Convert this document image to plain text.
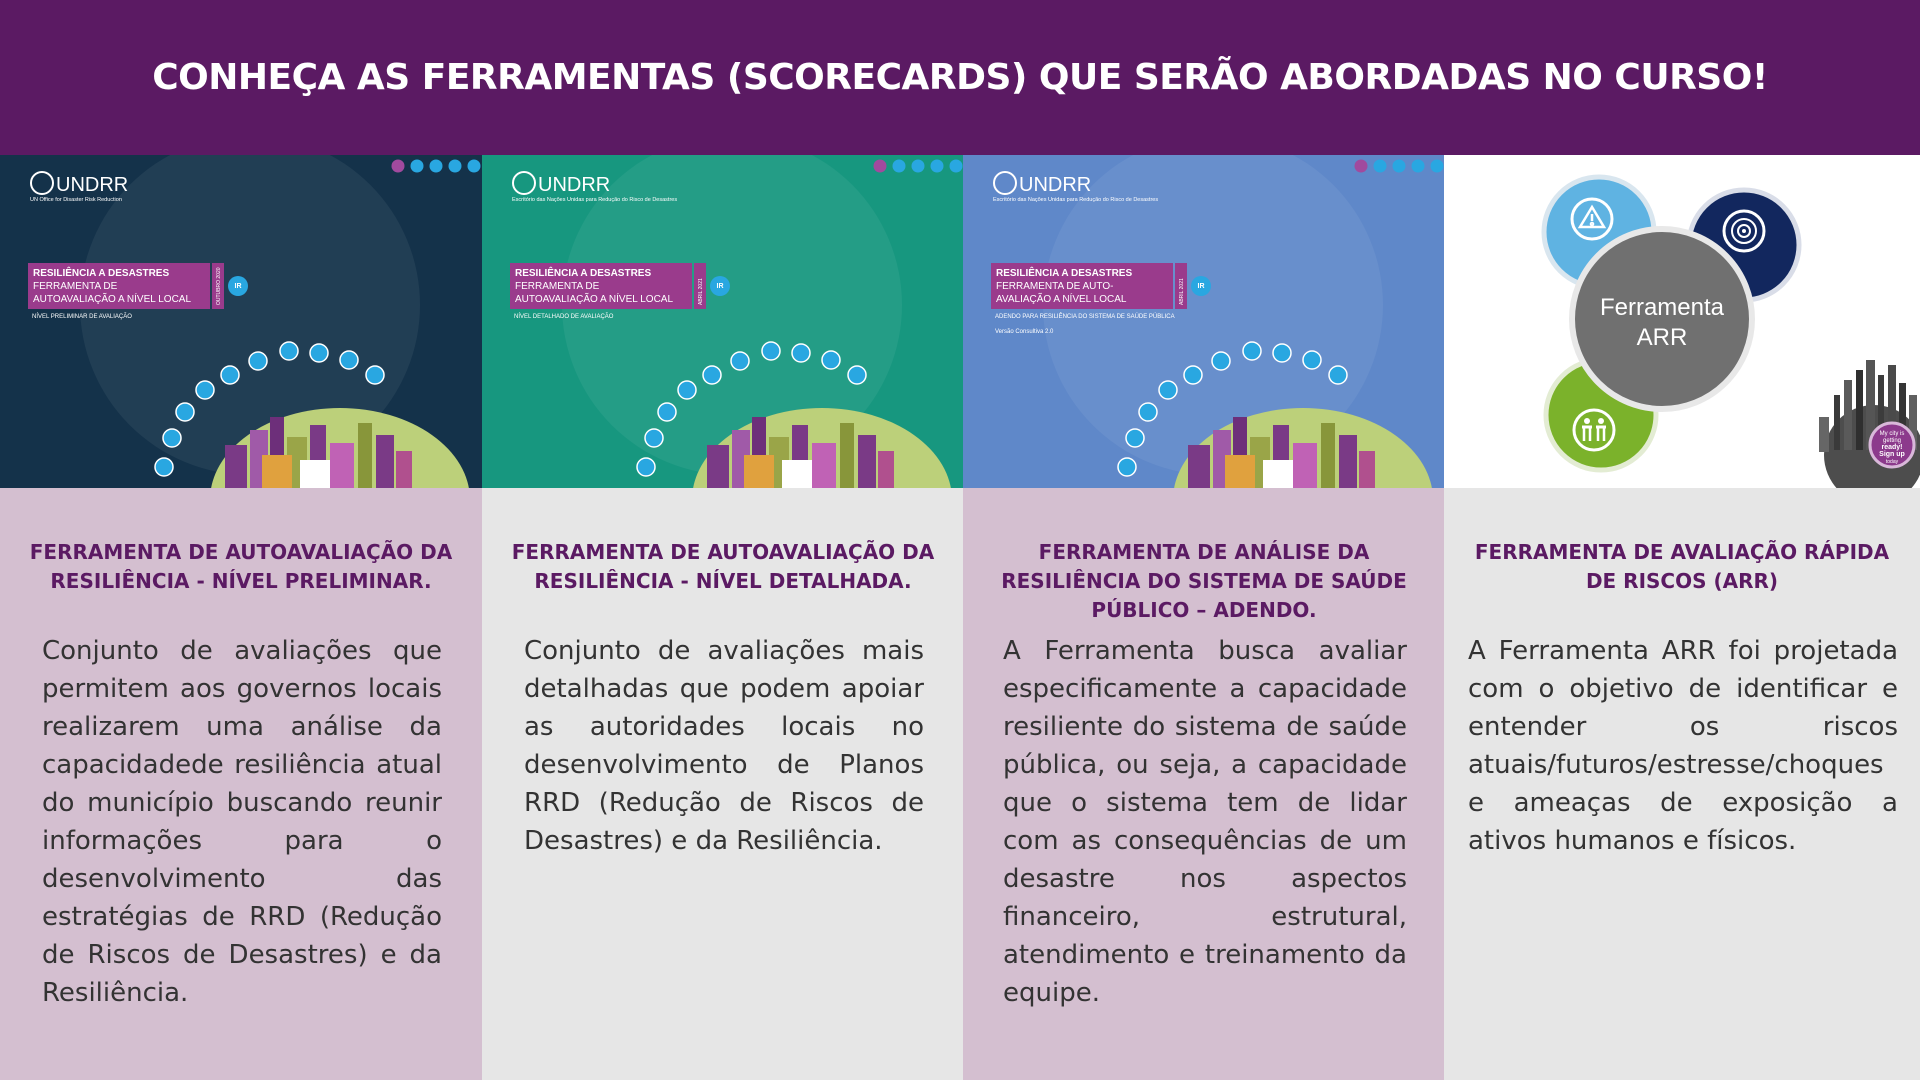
CONHEÇA AS FERRAMENTAS (SCORECARDS) QUE SERÃO ABORDADAS NO CURSO!
UNDRR
UN Office for Disaster Risk Reduction
RESILIÊNCIA A DESASTRES
FERRAMENTA DE
AUTOAVALIAÇÃO A NÍVEL LOCAL	OUTUBRO 2020 IR
NÍVEL PRELIMINAR DE AVALIAÇÃO
FERRAMENTA DE AUTOAVALIAÇÃO DA RESILIÊNCIA - NÍVEL PRELIMINAR.
Conjunto de avaliações que permitem aos governos locais realizarem uma análise da capacidadede resiliência atual do município buscando reunir informações para o desenvolvimento das estratégias de RRD (Redução de Riscos de Desastres) e da Resiliência.
UNDRR
Escritório das Nações Unidas para Redução do Risco de Desastres
RESILIÊNCIA A DESASTRES
FERRAMENTA DE
AUTOAVALIAÇÃO A NÍVEL LOCAL	ABRIL 2021 IR
NÍVEL DETALHADO DE AVALIAÇÃO
FERRAMENTA DE AUTOAVALIAÇÃO DA RESILIÊNCIA - NÍVEL DETALHADA.
Conjunto de avaliações mais detalhadas que podem apoiar as autoridades locais no desenvolvimento de Planos RRD (Redução de Riscos de Desastres) e da Resiliência.
UNDRR
Escritório das Nações Unidas para Redução do Risco de Desastres
RESILIÊNCIA A DESASTRES
FERRAMENTA DE AUTO-
AVALIAÇÃO A NÍVEL LOCAL	ABRIL 2021 IR
ADENDO PARA RESILIÊNCIA DO SISTEMA DE SAÚDE PÚBLICA
Versão Consultiva 2.0
FERRAMENTA DE ANÁLISE DA RESILIÊNCIA DO SISTEMA DE SAÚDE PÚBLICO – ADENDO.
A Ferramenta busca avaliar especificamente a capacidade resiliente do sistema de saúde pública, ou seja, a capacidade que o sistema tem de lidar com as consequências de um desastre nos aspectos financeiro, estrutural, atendimento e treinamento da equipe.
Ferramenta
ARR
My city is
getting
ready!
Sign up
today
FERRAMENTA DE AVALIAÇÃO RÁPIDA DE RISCOS (ARR)
A Ferramenta ARR foi projetada com o objetivo de identificar e entender os riscos atuais/futuros/estresse/choques e ameaças de exposição a ativos humanos e físicos.
